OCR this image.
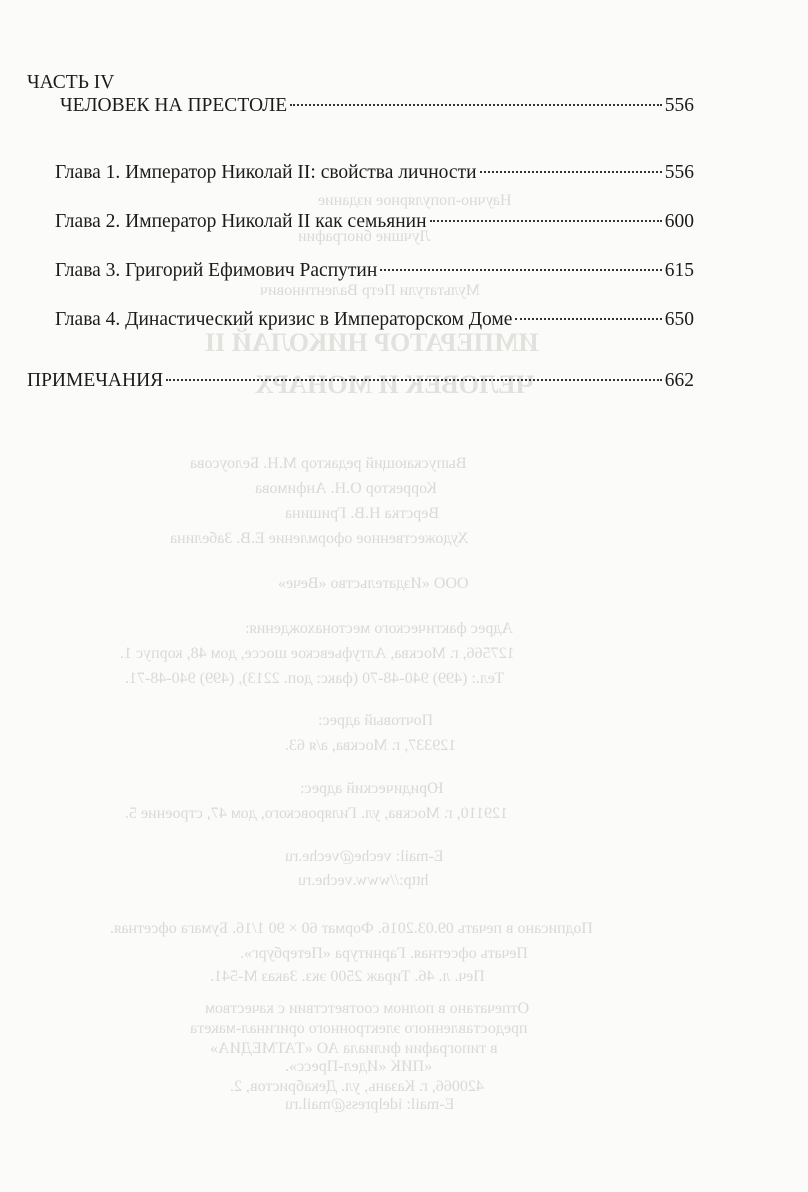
Научно-популярное издание
Лучшие биографии
Мультатули Петр Валентинович
ИМПЕРАТОР НИКОЛАЙ II
ЧЕЛОВЕК И МОНАРХ
Выпускающий редактор М.Н. Белоусова
Корректор О.Н. Анфимова
Верстка Н.В. Гришина
Художественное оформление Е.В. Забелина
ООО «Издательство «Вече»
Адрес фактического местонахождения:
127566, г. Москва, Алтуфьевское шоссе, дом 48, корпус 1.
Тел.: (499) 940-48-70 (факс: доп. 2213), (499) 940-48-71.
Почтовый адрес:
129337, г. Москва, а/я 63.
Юридический адрес:
129110, г. Москва, ул. Гиляровского, дом 47, строение 5.
E-mail: veche@veche.ru
http://www.veche.ru
Подписано в печать 09.03.2016. Формат 60 × 90 1/16. Бумага офсетная.
Печать офсетная. Гарнитура «Петербург».
Печ. л. 46. Тираж 2500 экз. Заказ М-541.
Отпечатано в полном соответствии с качеством
предоставленного электронного оригинал-макета
в типографии филиала АО «ТАТМЕДИА»
«ПИК «Идел-Пресс».
420066, г. Казань, ул. Декабристов, 2.
E-mail: idelpress@mail.ru
ЧАСТЬ IV
ЧЕЛОВЕК НА ПРЕСТОЛЕ	556
Глава 1. Император Николай II: свойства личности	556
Глава 2. Император Николай II как семьянин	600
Глава 3. Григорий Ефимович Распутин	615
Глава 4. Династический кризис в Императорском Доме	650
ПРИМЕЧАНИЯ	662
